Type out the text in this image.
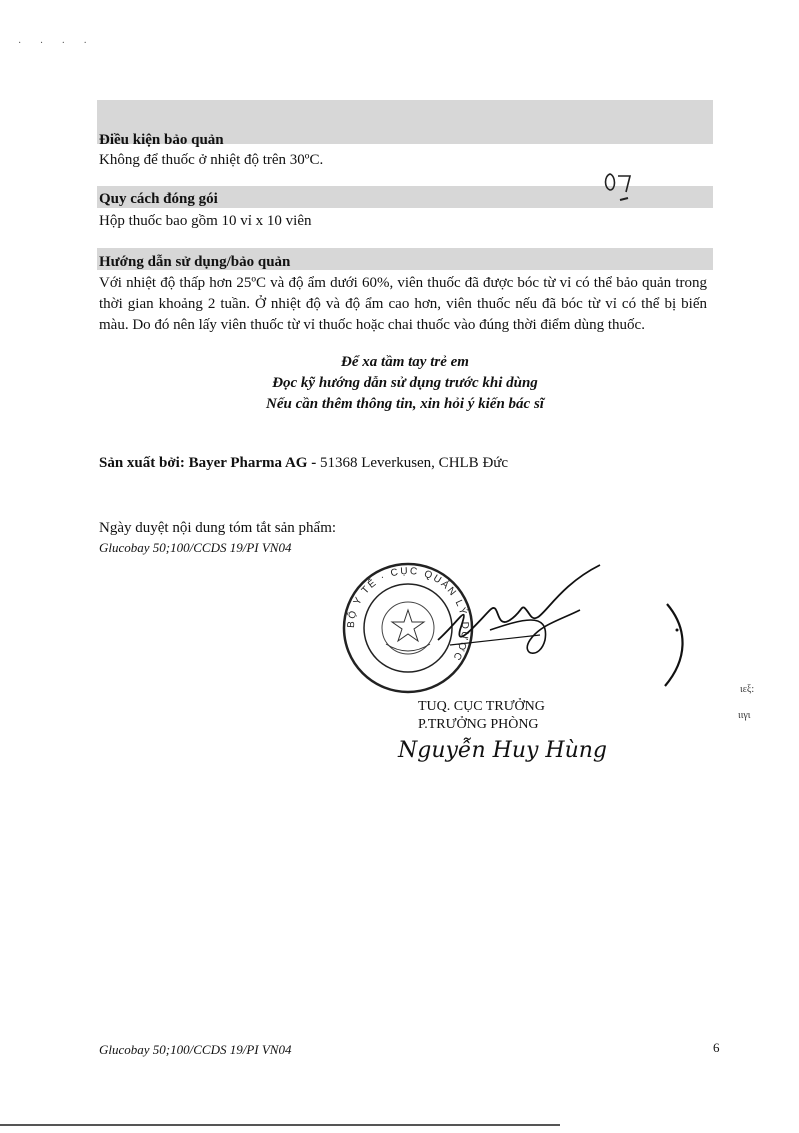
· · · ·
Điều kiện bảo quản
Không để thuốc ở nhiệt độ trên 30ºC.
Quy cách đóng gói
Hộp thuốc bao gồm 10 vỉ x 10 viên
Hướng dẫn sử dụng/bảo quản
Với nhiệt độ thấp hơn 25ºC và độ ẩm dưới 60%, viên thuốc đã được bóc từ vỉ có thể bảo quản trong thời gian khoảng 2 tuần. Ở nhiệt độ và độ ẩm cao hơn, viên thuốc nếu đã bóc từ vỉ có thể bị biến màu. Do đó nên lấy viên thuốc từ vỉ thuốc hoặc chai thuốc vào đúng thời điểm dùng thuốc.
Để xa tầm tay trẻ em
Đọc kỹ hướng dẫn sử dụng trước khi dùng
Nếu cần thêm thông tin, xin hỏi ý kiến bác sĩ
Sản xuất bởi: Bayer Pharma AG - 51368 Leverkusen, CHLB Đức
Ngày duyệt nội dung tóm tắt sản phẩm:
Glucobay 50;100/CCDS 19/PI VN04
BỘ Y TẾ · CỤC QUẢN LÝ DƯỢC
ιεξ:
ιιγι
TUQ. CỤC TRƯỞNG
P.TRƯỞNG PHÒNG
Nguyễn Huy Hùng
Glucobay 50;100/CCDS 19/PI VN04	6
